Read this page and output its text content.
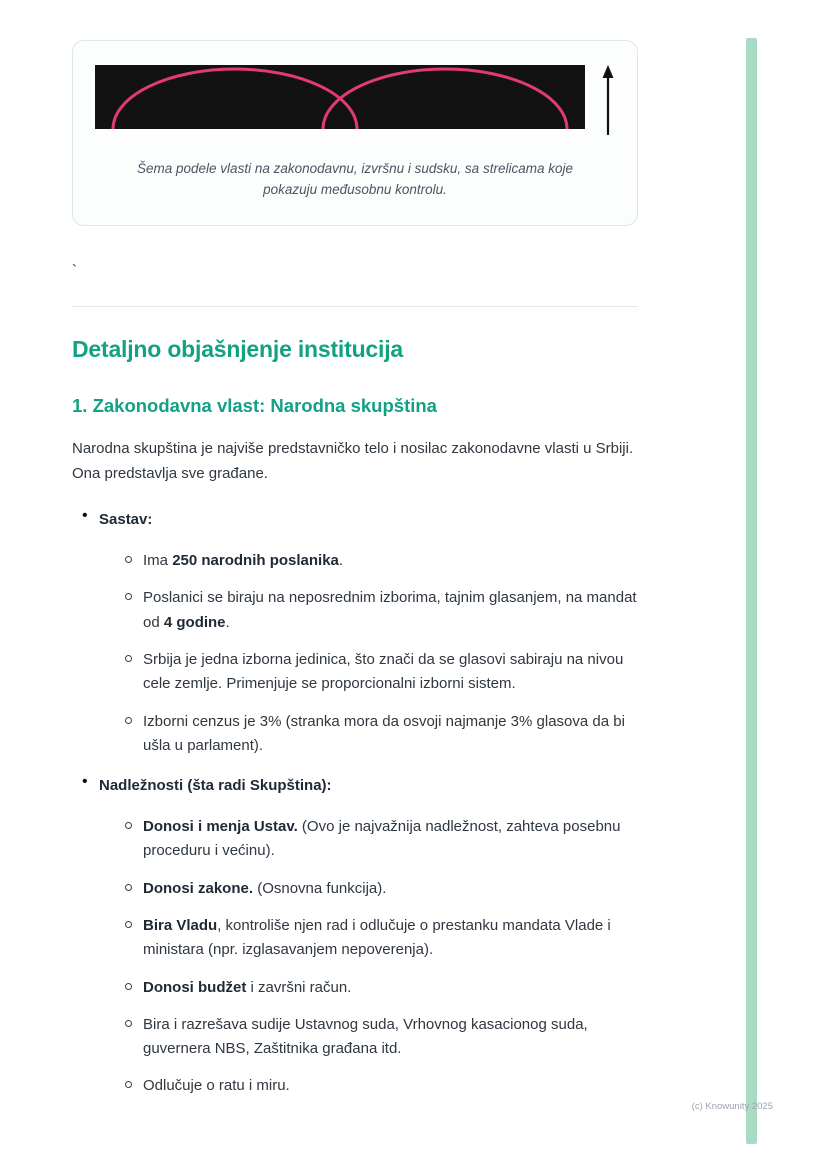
Šema podele vlasti na zakonodavnu, izvršnu i sudsku, sa strelicama koje pokazuju međusobnu kontrolu.
`
Detaljno objašnjenje institucija
1. Zakonodavna vlast: Narodna skupština

Narodna skupština je najviše predstavničko telo i nosilac zakonodavne vlasti u Srbiji. Ona predstavlja sve građane.

• Sastav:
Ima 250 narodnih poslanika.
Poslanici se biraju na neposrednim izborima, tajnim glasanjem, na mandat od 4 godine.
Srbija je jedna izborna jedinica, što znači da se glasovi sabiraju na nivou cele zemlje. Primenjuje se proporcionalni izborni sistem.
Izborni cenzus je 3% (stranka mora da osvoji najmanje 3% glasova da bi ušla u parlament).
• Nadležnosti (šta radi Skupština):
Donosi i menja Ustav. (Ovo je najvažnija nadležnost, zahteva posebnu proceduru i većinu).
Donosi zakone. (Osnovna funkcija).
Bira Vladu, kontroliše njen rad i odlučuje o prestanku mandata Vlade i ministara (npr. izglasavanjem nepoverenja).
Donosi budžet i završni račun.
Bira i razrešava sudije Ustavnog suda, Vrhovnog kasacionog suda, guvernera NBS, Zaštitnika građana itd.
Odlučuje o ratu i miru.
(c) Knowunity 2025
